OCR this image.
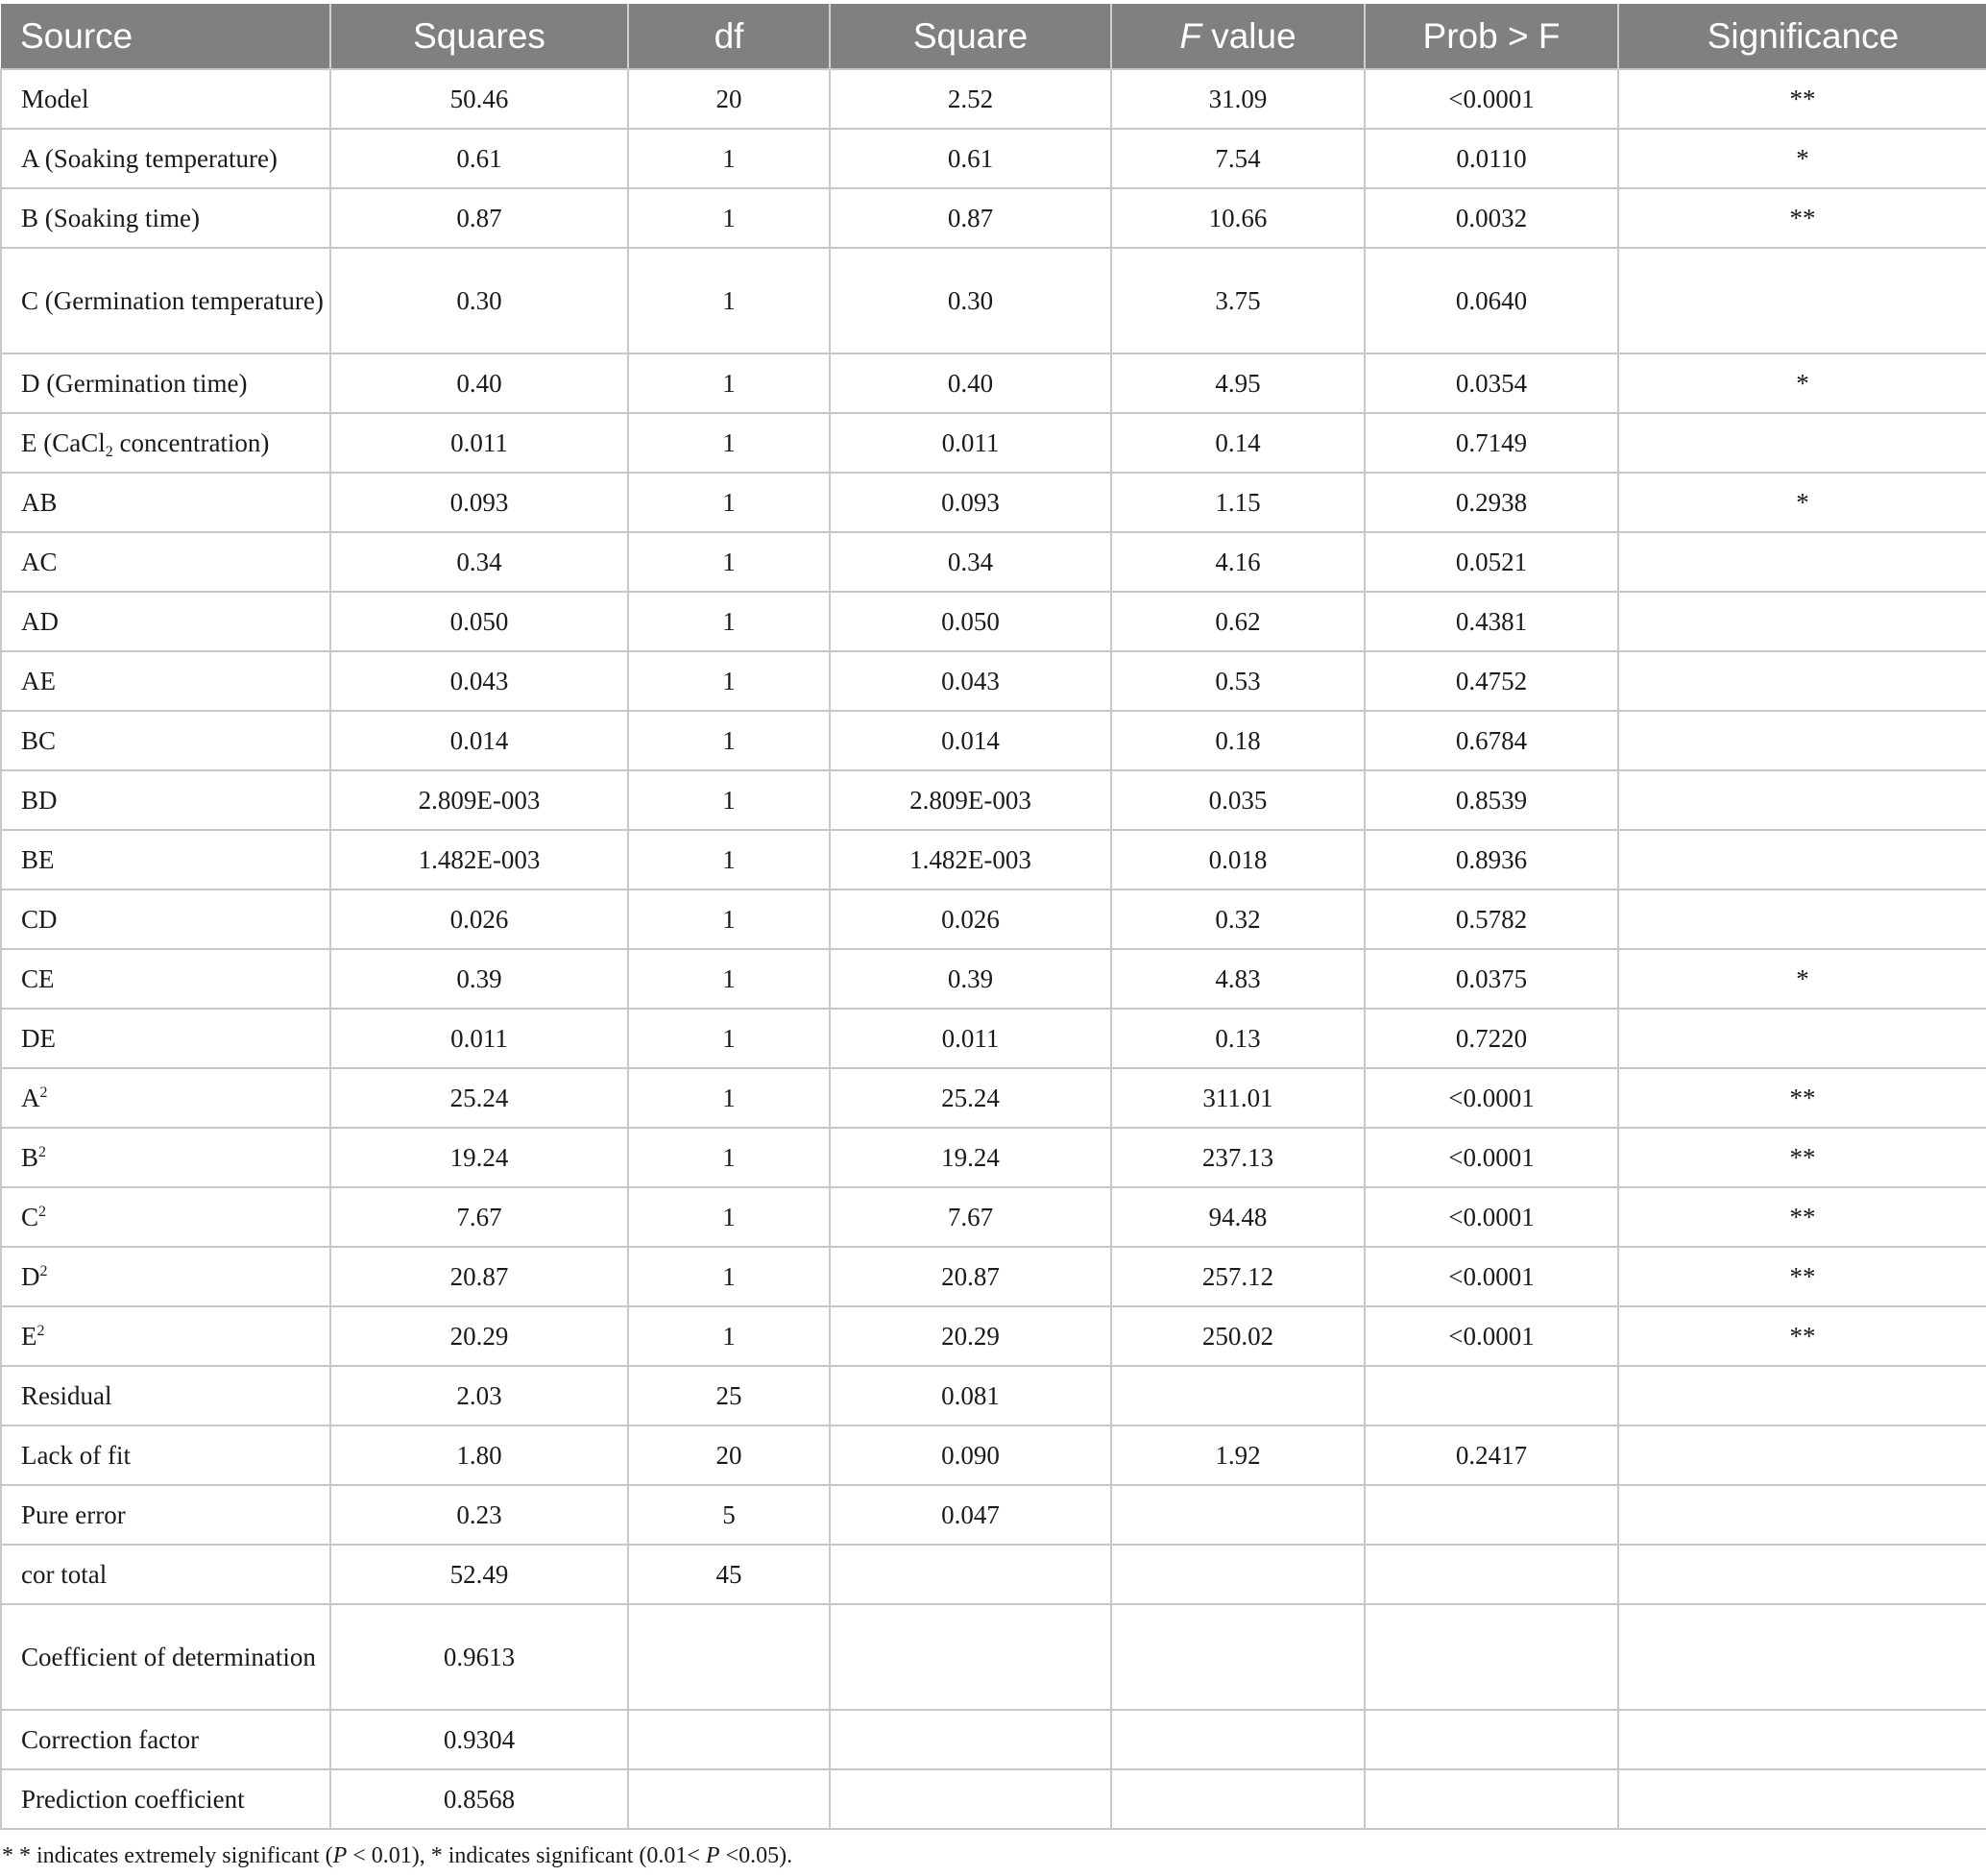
Source	Squares	df	Square	F value	Prob > F	Significance
Model	50.46	20	2.52	31.09	<0.0001	**
A (Soaking temperature)	0.61	1	0.61	7.54	0.0110	*
B (Soaking time)	0.87	1	0.87	10.66	0.0032	**
C (Germination temperature)	0.30	1	0.30	3.75	0.0640	
D (Germination time)	0.40	1	0.40	4.95	0.0354	*
E (CaCl$_2$ concentration)	0.011	1	0.011	0.14	0.7149	
AB	0.093	1	0.093	1.15	0.2938	*
AC	0.34	1	0.34	4.16	0.0521	
AD	0.050	1	0.050	0.62	0.4381	
AE	0.043	1	0.043	0.53	0.4752	
BC	0.014	1	0.014	0.18	0.6784	
BD	2.809E-003	1	2.809E-003	0.035	0.8539	
BE	1.482E-003	1	1.482E-003	0.018	0.8936	
CD	0.026	1	0.026	0.32	0.5782	
CE	0.39	1	0.39	4.83	0.0375	*
DE	0.011	1	0.011	0.13	0.7220	
$A^2$	25.24	1	25.24	311.01	<0.0001	**
$B^2$	19.24	1	19.24	237.13	<0.0001	**
$C^2$	7.67	1	7.67	94.48	<0.0001	**
$D^2$	20.87	1	20.87	257.12	<0.0001	**
$E^2$	20.29	1	20.29	250.02	<0.0001	**
Residual	2.03	25	0.081			
Lack of fit	1.80	20	0.090	1.92	0.2417	
Pure error	0.23	5	0.047			
cor total	52.49	45				
Coefficient of determination	0.9613					
Correction factor	0.9304					
Prediction coefficient	0.8568					
* * indicates extremely significant (P < 0.01), * indicates significant (0.01< P <0.05).
